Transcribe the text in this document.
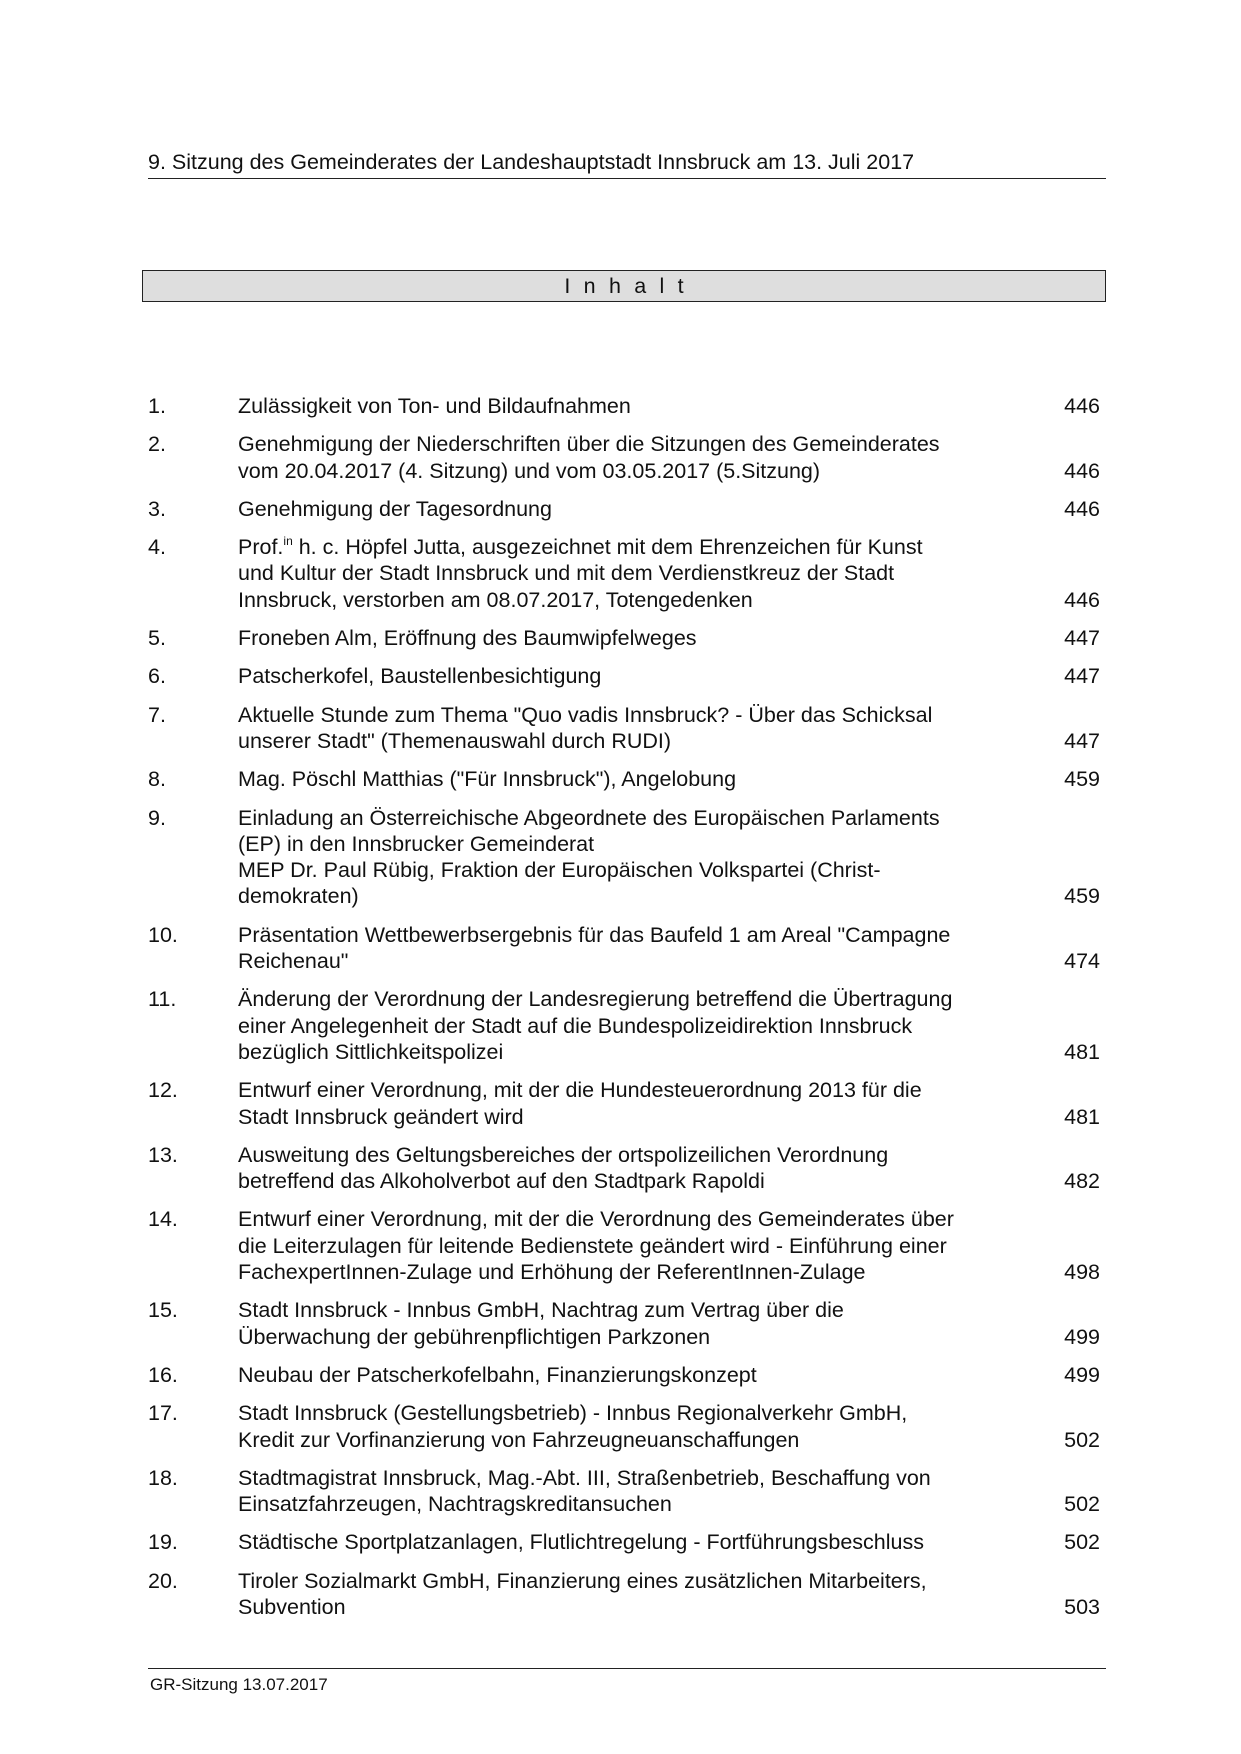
9. Sitzung des Gemeinderates der Landeshauptstadt Innsbruck am 13. Juli 2017
Inhalt
1.	Zulässigkeit von Ton- und Bildaufnahmen	446
2.	Genehmigung der Niederschriften über die Sitzungen des Gemeinderates
vom 20.04.2017 (4. Sitzung) und vom 03.05.2017 (5.Sitzung)	446
3.	Genehmigung der Tagesordnung	446
4.	Prof.$^{in}$ h. c. Höpfel Jutta, ausgezeichnet mit dem Ehrenzeichen für Kunst
und Kultur der Stadt Innsbruck und mit dem Verdienstkreuz der Stadt
Innsbruck, verstorben am 08.07.2017, Totengedenken	446
5.	Froneben Alm, Eröffnung des Baumwipfelweges	447
6.	Patscherkofel, Baustellenbesichtigung	447
7.	Aktuelle Stunde zum Thema "Quo vadis Innsbruck? - Über das Schicksal
unserer Stadt" (Themenauswahl durch RUDI)	447
8.	Mag. Pöschl Matthias ("Für Innsbruck"), Angelobung	459
9.	Einladung an Österreichische Abgeordnete des Europäischen Parlaments
(EP) in den Innsbrucker Gemeinderat
MEP Dr. Paul Rübig, Fraktion der Europäischen Volkspartei (Christ-
demokraten)	459
10.	Präsentation Wettbewerbsergebnis für das Baufeld 1 am Areal "Campagne
Reichenau"	474
11.	Änderung der Verordnung der Landesregierung betreffend die Übertragung
einer Angelegenheit der Stadt auf die Bundespolizeidirektion Innsbruck
bezüglich Sittlichkeitspolizei	481
12.	Entwurf einer Verordnung, mit der die Hundesteuerordnung 2013 für die
Stadt Innsbruck geändert wird	481
13.	Ausweitung des Geltungsbereiches der ortspolizeilichen Verordnung
betreffend das Alkoholverbot auf den Stadtpark Rapoldi	482
14.	Entwurf einer Verordnung, mit der die Verordnung des Gemeinderates über
die Leiterzulagen für leitende Bedienstete geändert wird - Einführung einer
FachexpertInnen-Zulage und Erhöhung der ReferentInnen-Zulage	498
15.	Stadt Innsbruck - Innbus GmbH, Nachtrag zum Vertrag über die
Überwachung der gebührenpflichtigen Parkzonen	499
16.	Neubau der Patscherkofelbahn, Finanzierungskonzept	499
17.	Stadt Innsbruck (Gestellungsbetrieb) - Innbus Regionalverkehr GmbH,
Kredit zur Vorfinanzierung von Fahrzeugneuanschaffungen	502
18.	Stadtmagistrat Innsbruck, Mag.-Abt. III, Straßenbetrieb, Beschaffung von
Einsatzfahrzeugen, Nachtragskreditansuchen	502
19.	Städtische Sportplatzanlagen, Flutlichtregelung - Fortführungsbeschluss	502
20.	Tiroler Sozialmarkt GmbH, Finanzierung eines zusätzlichen Mitarbeiters,
Subvention	503
GR-Sitzung 13.07.2017
